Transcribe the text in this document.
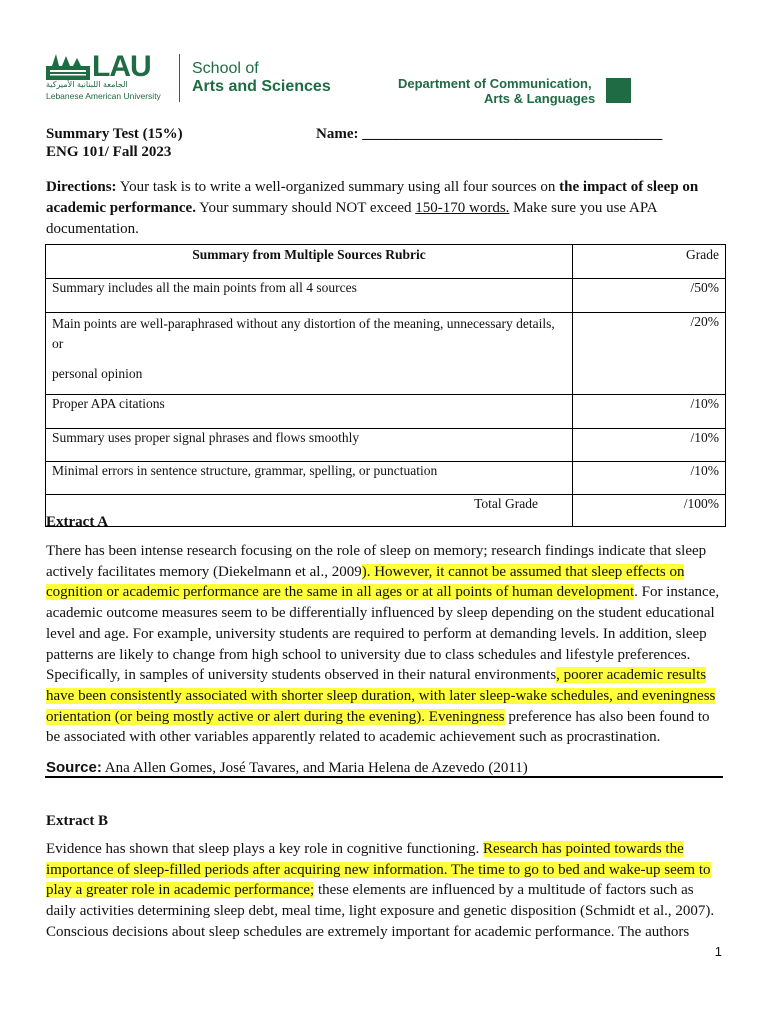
LAU
الجامعة اللبنانية الأميركية
Lebanese American University
School of
Arts and Sciences	Department of Communication,
Arts & Languages
Summary Test (15%)	Name: ________________________________________
ENG 101/ Fall 2023
Directions: Your task is to write a well-organized summary using all four sources on the impact of sleep on academic performance. Your summary should NOT exceed 150-170 words. Make sure you use APA documentation.
Summary from Multiple Sources Rubric	Grade
Summary includes all the main points from all 4 sources	/50%

Main points are well-paraphrased without any distortion of the meaning, unnecessary details, or
personal opinion	/20%
Proper APA citations	/10%
Summary uses proper signal phrases and flows smoothly	/10%
Minimal errors in sentence structure, grammar, spelling, or punctuation	/10%
Total Grade	/100%
Extract A
There has been intense research focusing on the role of sleep on memory; research findings indicate that sleep actively facilitates memory (Diekelmann et al., 2009). However, it cannot be assumed that sleep effects on cognition or academic performance are the same in all ages or at all points of human development. For instance, academic outcome measures seem to be differentially influenced by sleep depending on the student educational level and age. For example, university students are required to perform at demanding levels. In addition, sleep patterns are likely to change from high school to university due to class schedules and lifestyle preferences. Specifically, in samples of university students observed in their natural environments, poorer academic results have been consistently associated with shorter sleep duration, with later sleep-wake schedules, and eveningness orientation (or being mostly active or alert during the evening). Eveningness preference has also been found to be associated with other variables apparently related to academic achievement such as procrastination.
Source: Ana Allen Gomes, José Tavares, and Maria Helena de Azevedo (2011)
Extract B
Evidence has shown that sleep plays a key role in cognitive functioning. Research has pointed towards the importance of sleep-filled periods after acquiring new information. The time to go to bed and wake-up seem to play a greater role in academic performance; these elements are influenced by a multitude of factors such as daily activities determining sleep debt, meal time, light exposure and genetic disposition (Schmidt et al., 2007). Conscious decisions about sleep schedules are extremely important for academic performance. The authors
1
